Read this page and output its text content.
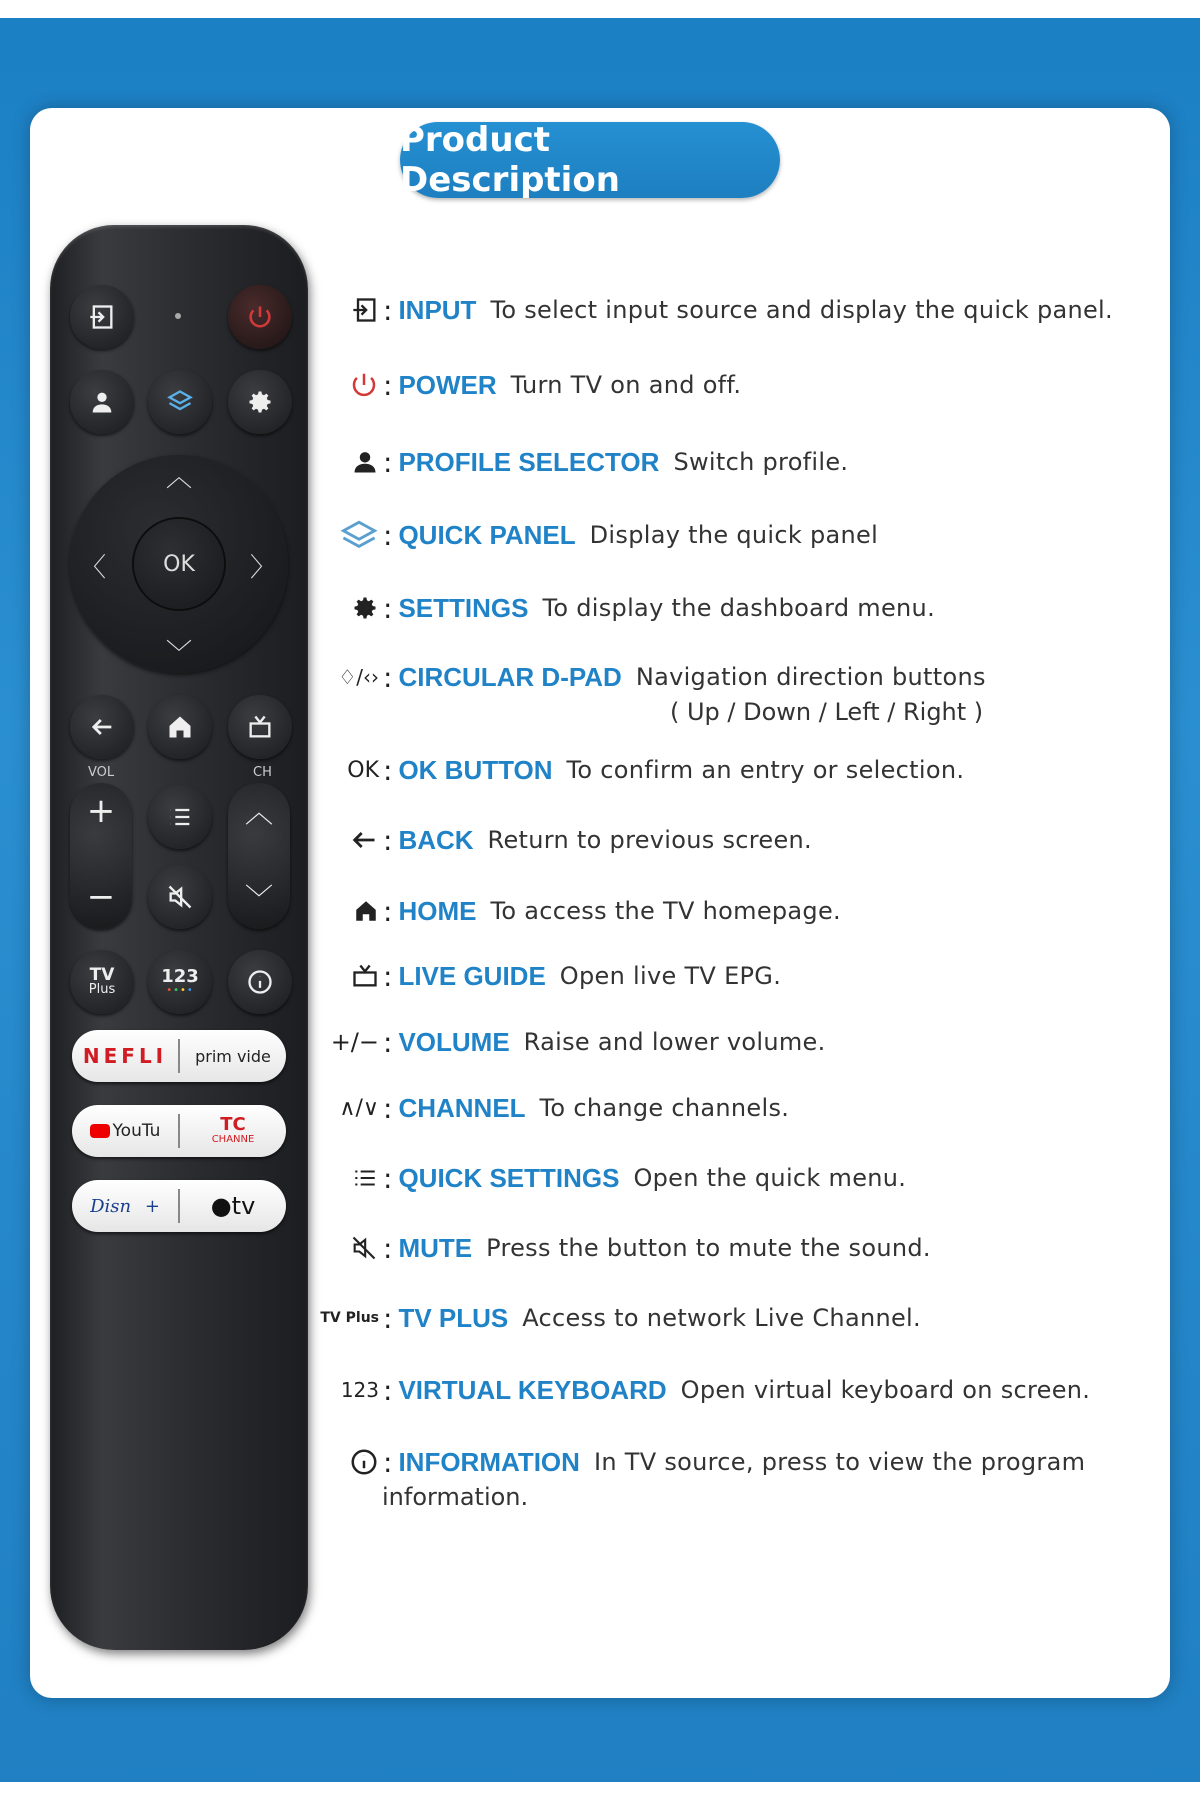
Product Description
︿
﹀
〈	〉
OK
VOL	CH
+
−
︿
﹀
TV
Plus
123
••••
NEFLI	prim vide
YouTu	TC
CHANNE
Disn +	●tv
: INPUT To select input source and display the quick panel.
: POWER Turn TV on and off.
: PROFILE SELECTOR Switch profile.
: QUICK PANEL Display the quick panel
: SETTINGS To display the dashboard menu.
♢/‹› : CIRCULAR D-PAD Navigation direction buttons
( Up / Down / Left / Right )
OK : OK BUTTON To confirm an entry or selection.
: BACK Return to previous screen.
: HOME To access the TV homepage.
: LIVE GUIDE Open live TV EPG.
+/− : VOLUME Raise and lower volume.
∧/∨ : CHANNEL To change channels.
: QUICK SETTINGS Open the quick menu.
: MUTE Press the button to mute the sound.
TV Plus : TV PLUS Access to network Live Channel.
123 : VIRTUAL KEYBOARD Open virtual keyboard on screen.
: INFORMATION In TV source, press to view the program
information.
